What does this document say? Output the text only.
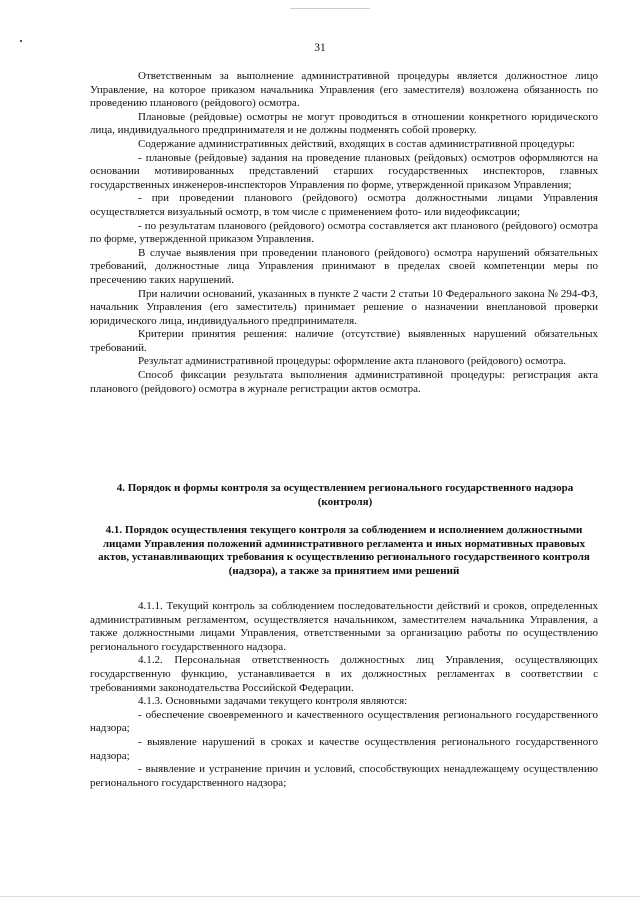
31

Ответственным за выполнение административной процедуры является должностное лицо Управление, на которое приказом начальника Управления (его заместителя) возложена обязанность по проведению планового (рейдового) осмотра.

Плановые (рейдовые) осмотры не могут проводиться в отношении конкретного юридического лица, индивидуального предпринимателя и не должны подменять собой проверку.

Содержание административных действий, входящих в состав административной процедуры:

- плановые (рейдовые) задания на проведение плановых (рейдовых) осмотров оформляются на основании мотивированных представлений старших государственных инспекторов, главных государственных инженеров-инспекторов Управления по форме, утвержденной приказом Управления;

- при проведении планового (рейдового) осмотра должностными лицами Управления осуществляется визуальный осмотр, в том числе с применением фото- или видеофиксации;

- по результатам планового (рейдового) осмотра составляется акт планового (рейдового) осмотра по форме, утвержденной приказом Управления.

В случае выявления при проведении планового (рейдового) осмотра нарушений обязательных требований, должностные лица Управления принимают в пределах своей компетенции меры по пресечению таких нарушений.

При наличии оснований, указанных в пункте 2 части 2 статьи 10 Федерального закона № 294-ФЗ, начальник Управления (его заместитель) принимает решение о назначении внеплановой проверки юридического лица, индивидуального предпринимателя.

Критерии принятия решения: наличие (отсутствие) выявленных нарушений обязательных требований.

Результат административной процедуры: оформление акта планового (рейдового) осмотра.

Способ фиксации результата выполнения административной процедуры: регистрация акта планового (рейдового) осмотра в журнале регистрации актов осмотра.

4. Порядок и формы контроля за осуществлением регионального государственного надзора (контроля)
4.1. Порядок осуществления текущего контроля за соблюдением и исполнением должностными лицами Управления положений административного регламента и иных нормативных правовых актов, устанавливающих требования к осуществлению регионального государственного контроля (надзора), а также за принятием ими решений

4.1.1. Текущий контроль за соблюдением последовательности действий и сроков, определенных административным регламентом, осуществляется начальником, заместителем начальника Управления, а также должностными лицами Управления, ответственными за организацию работы по осуществлению регионального государственного надзора.

4.1.2. Персональная ответственность должностных лиц Управления, осуществляющих государственную функцию, устанавливается в их должностных регламентах в соответствии с требованиями законодательства Российской Федерации.

4.1.3. Основными задачами текущего контроля являются:

- обеспечение своевременного и качественного осуществления регионального государственного надзора;

- выявление нарушений в сроках и качестве осуществления регионального государственного надзора;

- выявление и устранение причин и условий, способствующих ненадлежащему осуществлению регионального государственного надзора;
